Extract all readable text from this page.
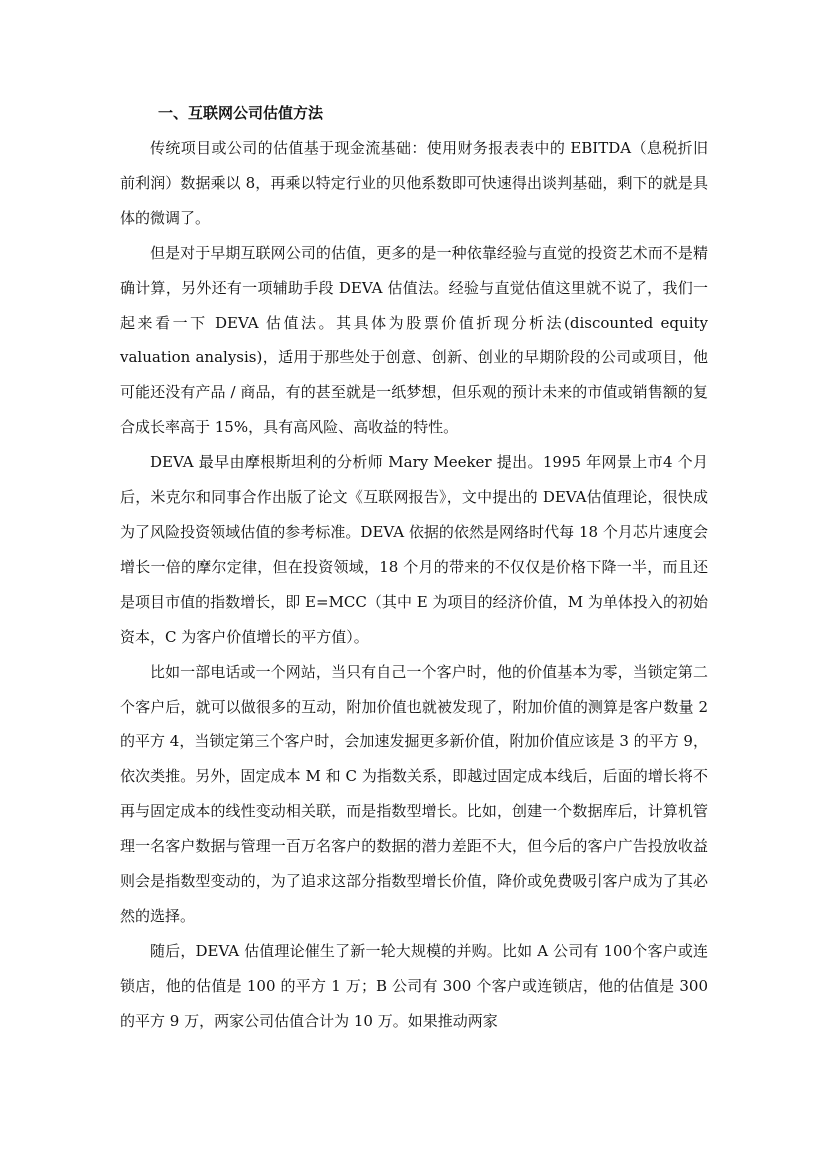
一、互联网公司估值方法

传统项目或公司的估值基于现金流基础：使用财务报表表中的 EBITDA（息税折旧前利润）数据乘以 8，再乘以特定行业的贝他系数即可快速得出谈判基础，剩下的就是具体的微调了。

但是对于早期互联网公司的估值，更多的是一种依靠经验与直觉的投资艺术而不是精确计算，另外还有一项辅助手段 DEVA 估值法。经验与直觉估值这里就不说了，我们一起来看一下 DEVA 估值法。其具体为股票价值折现分析法(discounted equity valuation analysis)，适用于那些处于创意、创新、创业的早期阶段的公司或项目，他可能还没有产品 / 商品，有的甚至就是一纸梦想，但乐观的预计未来的市值或销售额的复合成长率高于 15%，具有高风险、高收益的特性。

DEVA 最早由摩根斯坦利的分析师 Mary Meeker 提出。1995 年网景上市4 个月后，米克尔和同事合作出版了论文《互联网报告》，文中提出的 DEVA估值理论，很快成为了风险投资领域估值的参考标准。DEVA 依据的依然是网络时代每 18 个月芯片速度会增长一倍的摩尔定律，但在投资领域，18 个月的带来的不仅仅是价格下降一半，而且还是项目市值的指数增长，即 E=MCC（其中 E 为项目的经济价值，M 为单体投入的初始资本，C 为客户价值增长的平方值）。

比如一部电话或一个网站，当只有自己一个客户时，他的价值基本为零，当锁定第二个客户后，就可以做很多的互动，附加价值也就被发现了，附加价值的测算是客户数量 2 的平方 4，当锁定第三个客户时，会加速发掘更多新价值，附加价值应该是 3 的平方 9，依次类推。另外，固定成本 M 和 C 为指数关系，即越过固定成本线后，后面的增长将不再与固定成本的线性变动相关联，而是指数型增长。比如，创建一个数据库后，计算机管理一名客户数据与管理一百万名客户的数据的潜力差距不大，但今后的客户广告投放收益则会是指数型变动的，为了追求这部分指数型增长价值，降价或免费吸引客户成为了其必然的选择。

随后，DEVA 估值理论催生了新一轮大规模的并购。比如 A 公司有 100个客户或连锁店，他的估值是 100 的平方 1 万；B 公司有 300 个客户或连锁店，他的估值是 300 的平方 9 万，两家公司估值合计为 10 万。如果推动两家
